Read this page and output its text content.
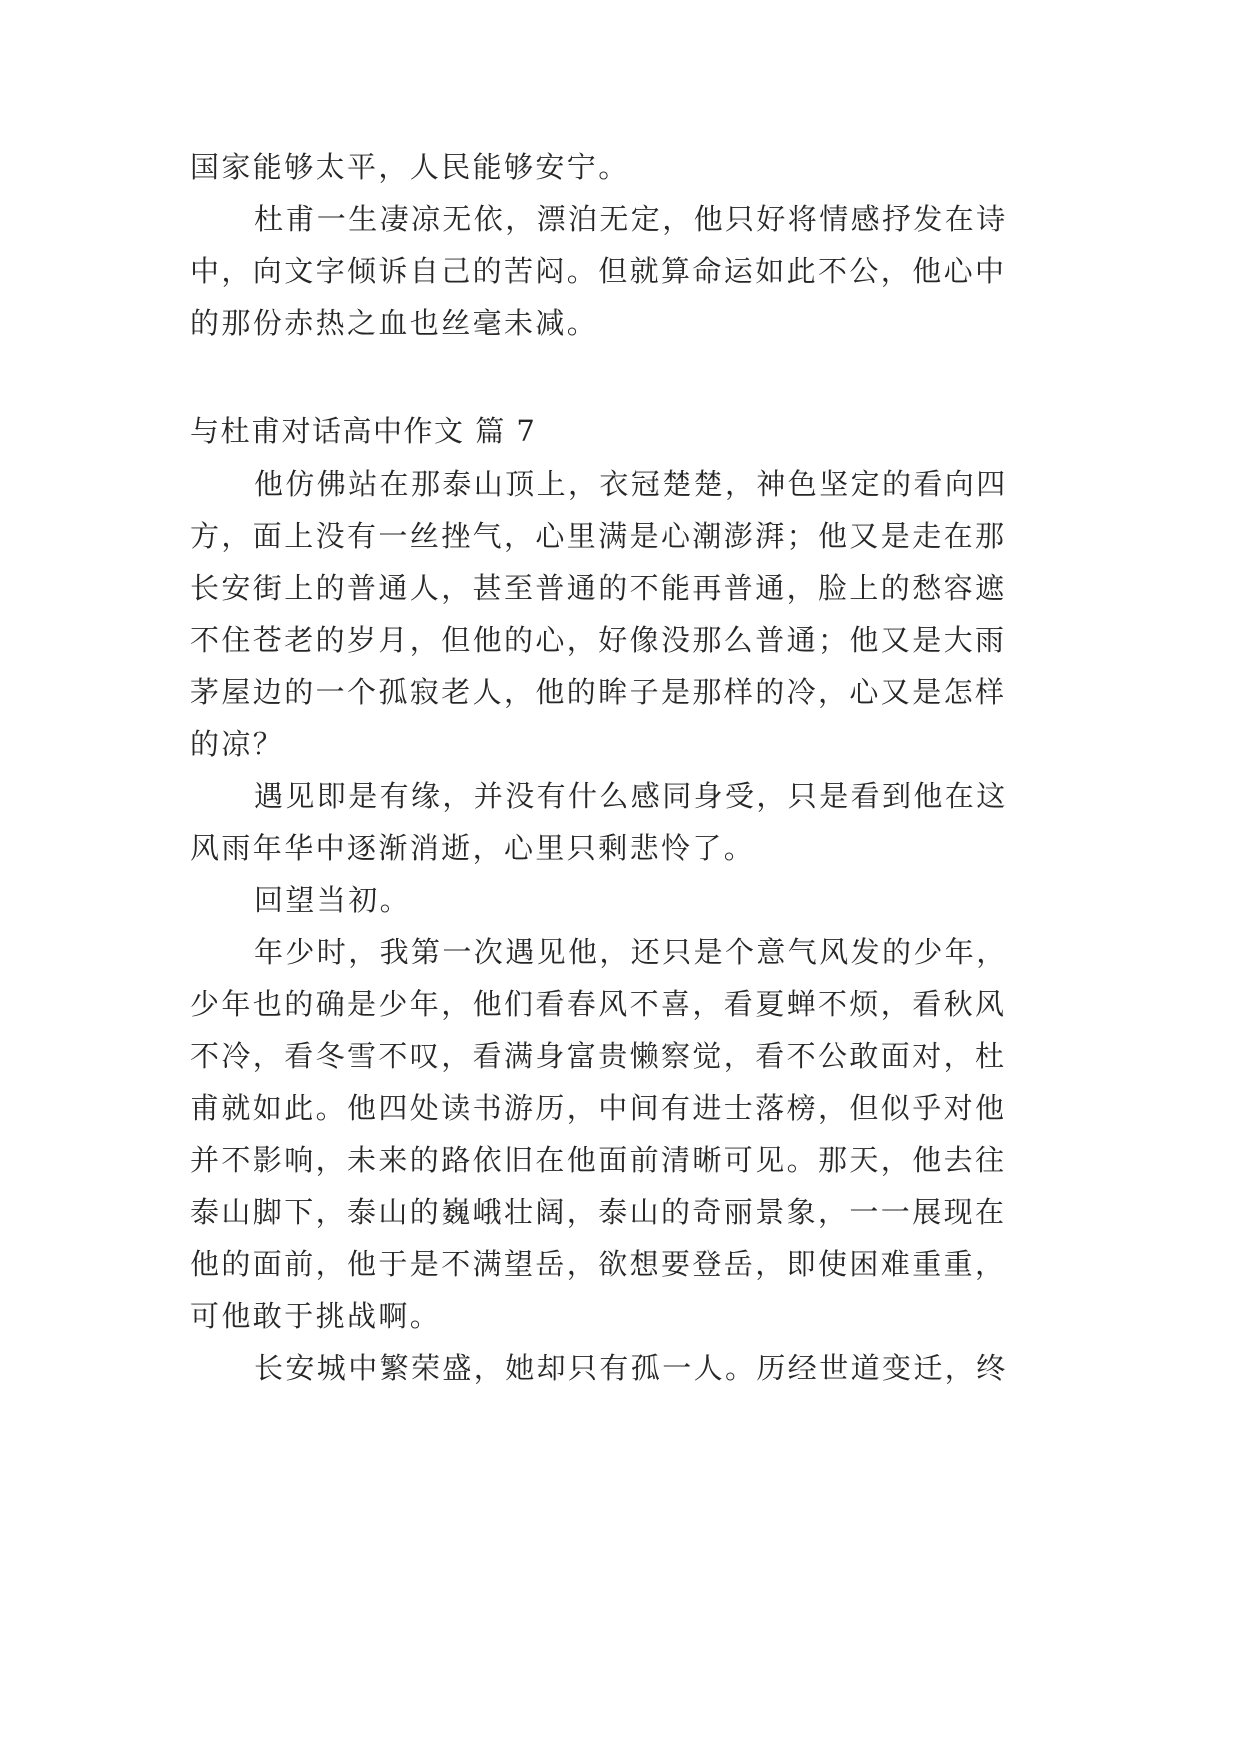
国家能够太平，人民能够安宁。
杜甫一生凄凉无依，漂泊无定，他只好将情感抒发在诗
中，向文字倾诉自己的苦闷。但就算命运如此不公，他心中
的那份赤热之血也丝毫未减。
与杜甫对话高中作文 篇 7
他仿佛站在那泰山顶上，衣冠楚楚，神色坚定的看向四
方，面上没有一丝挫气，心里满是心潮澎湃；他又是走在那
长安街上的普通人，甚至普通的不能再普通，脸上的愁容遮
不住苍老的岁月，但他的心，好像没那么普通；他又是大雨
茅屋边的一个孤寂老人，他的眸子是那样的冷，心又是怎样
的凉？
遇见即是有缘，并没有什么感同身受，只是看到他在这
风雨年华中逐渐消逝，心里只剩悲怜了。
回望当初。
年少时，我第一次遇见他，还只是个意气风发的少年，
少年也的确是少年，他们看春风不喜，看夏蝉不烦，看秋风
不冷，看冬雪不叹，看满身富贵懒察觉，看不公敢面对，杜
甫就如此。他四处读书游历，中间有进士落榜，但似乎对他
并不影响，未来的路依旧在他面前清晰可见。那天，他去往
泰山脚下，泰山的巍峨壮阔，泰山的奇丽景象，一一展现在
他的面前，他于是不满望岳，欲想要登岳，即使困难重重，
可他敢于挑战啊。
长安城中繁荣盛，她却只有孤一人。历经世道变迁，终
